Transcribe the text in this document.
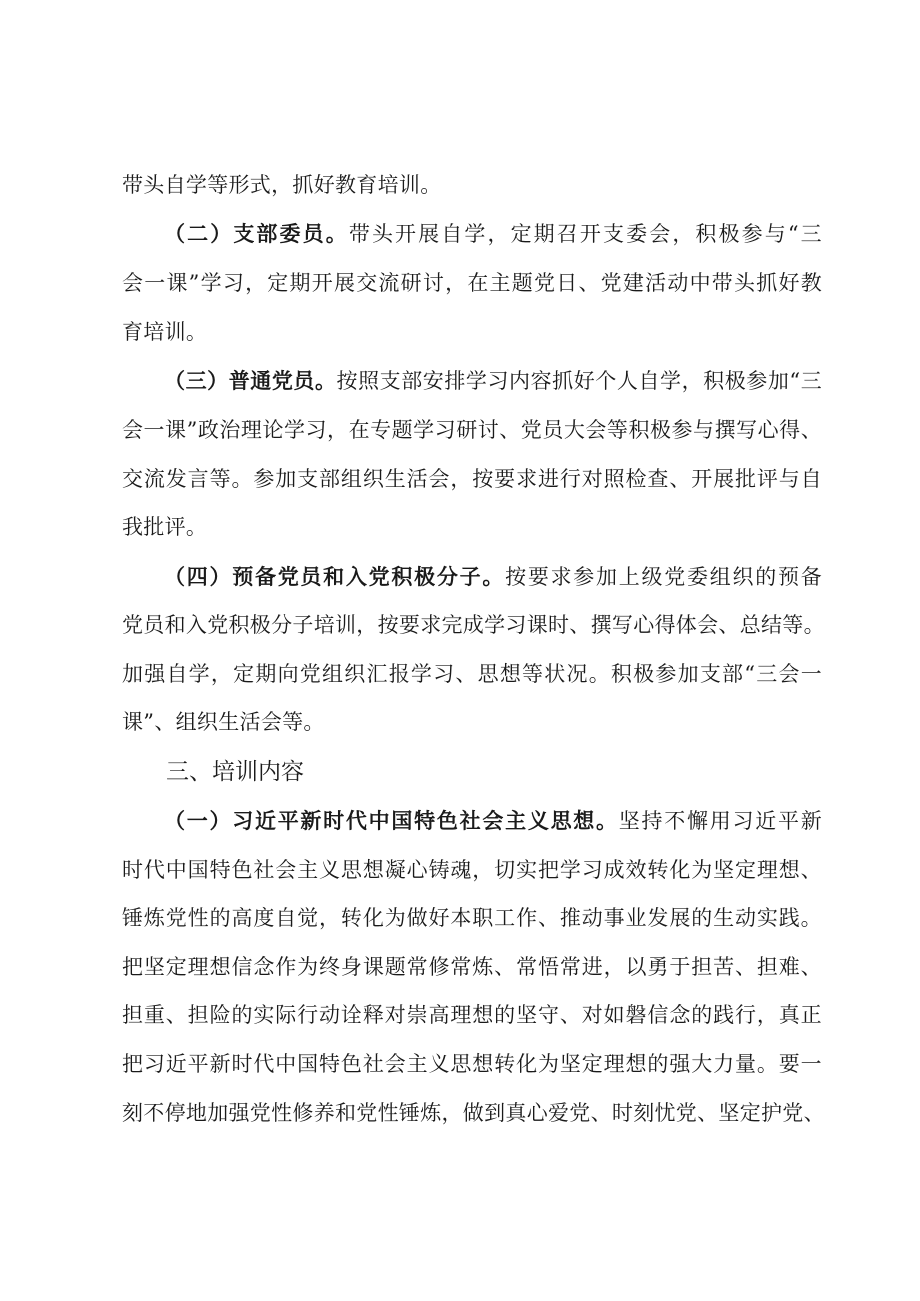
带头自学等形式，抓好教育培训。
（二）支部委员。带头开展自学，定期召开支委会，积极参与“三
会一课”学习，定期开展交流研讨，在主题党日、党建活动中带头抓好教
育培训。
（三）普通党员。按照支部安排学习内容抓好个人自学，积极参加“三
会一课”政治理论学习，在专题学习研讨、党员大会等积极参与撰写心得、
交流发言等。参加支部组织生活会，按要求进行对照检查、开展批评与自
我批评。
（四）预备党员和入党积极分子。按要求参加上级党委组织的预备
党员和入党积极分子培训，按要求完成学习课时、撰写心得体会、总结等。
加强自学，定期向党组织汇报学习、思想等状况。积极参加支部“三会一
课”、组织生活会等。
三、培训内容
（一）习近平新时代中国特色社会主义思想。坚持不懈用习近平新
时代中国特色社会主义思想凝心铸魂，切实把学习成效转化为坚定理想、
锤炼党性的高度自觉，转化为做好本职工作、推动事业发展的生动实践。
把坚定理想信念作为终身课题常修常炼、常悟常进，以勇于担苦、担难、
担重、担险的实际行动诠释对崇高理想的坚守、对如磐信念的践行，真正
把习近平新时代中国特色社会主义思想转化为坚定理想的强大力量。要一
刻不停地加强党性修养和党性锤炼，做到真心爱党、时刻忧党、坚定护党、
